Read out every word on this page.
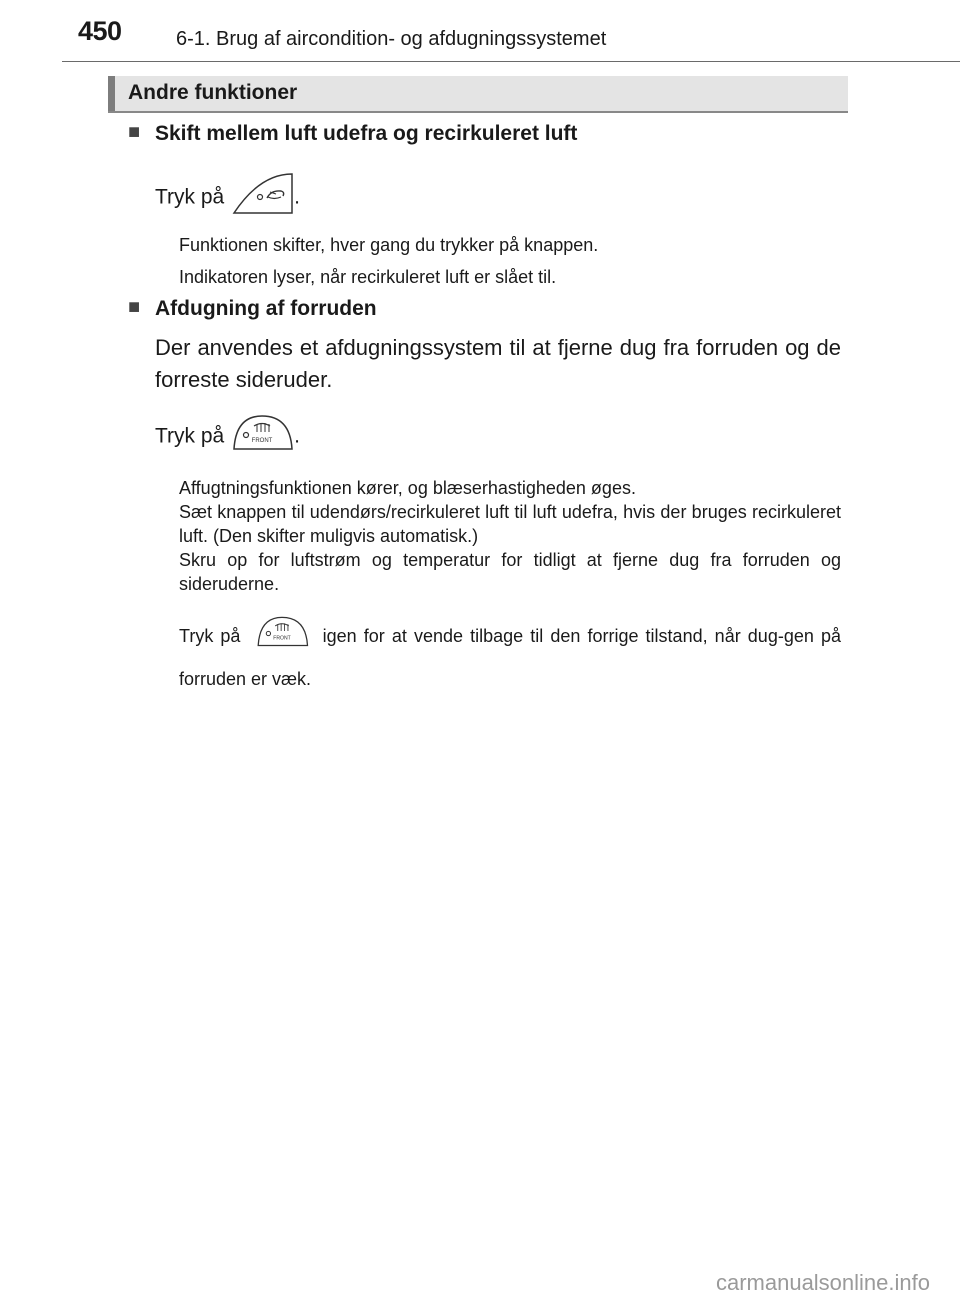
450	6-1. Brug af aircondition- og afdugningssystemet
Andre funktioner
■ Skift mellem luft udefra og recirkuleret luft
Tryk på	.
Funktionen skifter, hver gang du trykker på knappen.
Indikatoren lyser, når recirkuleret luft er slået til.
■ Afdugning af forruden
Der anvendes et afdugningssystem til at fjerne dug fra forruden og de forreste sideruder.
Tryk på	FRONT .
Affugtningsfunktionen kører, og blæserhastigheden øges.
Sæt knappen til udendørs/recirkuleret luft til luft udefra, hvis der bruges recirkuleret luft. (Den skifter muligvis automatisk.)
Skru op for luftstrøm og temperatur for tidligt at fjerne dug fra forruden og sideruderne.
Tryk på	FRONT igen for at vende tilbage til den forrige tilstand, når dug-gen på forruden er væk.
carmanualsonline.info
